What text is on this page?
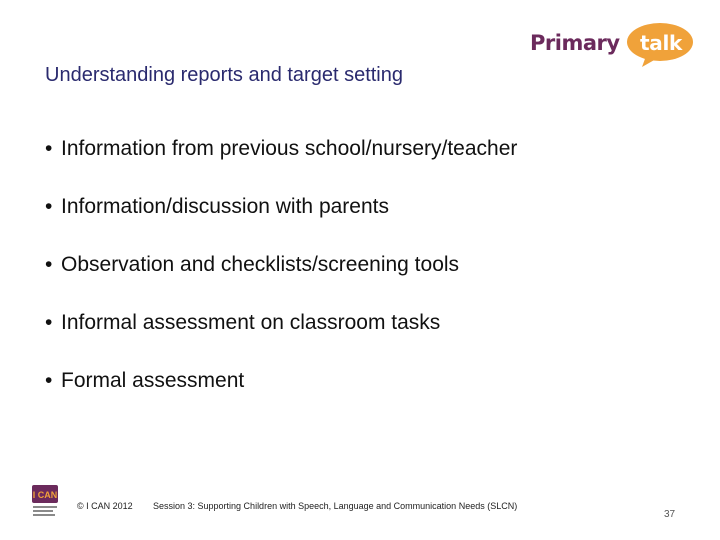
Primary talk
Understanding reports and target setting
• Information from previous school/nursery/teacher
• Information/discussion with parents
• Observation and checklists/screening tools
• Informal assessment on classroom tasks
• Formal assessment
I CAN
© I CAN 2012 Session 3: Supporting Children with Speech, Language and Communication Needs (SLCN)
37
